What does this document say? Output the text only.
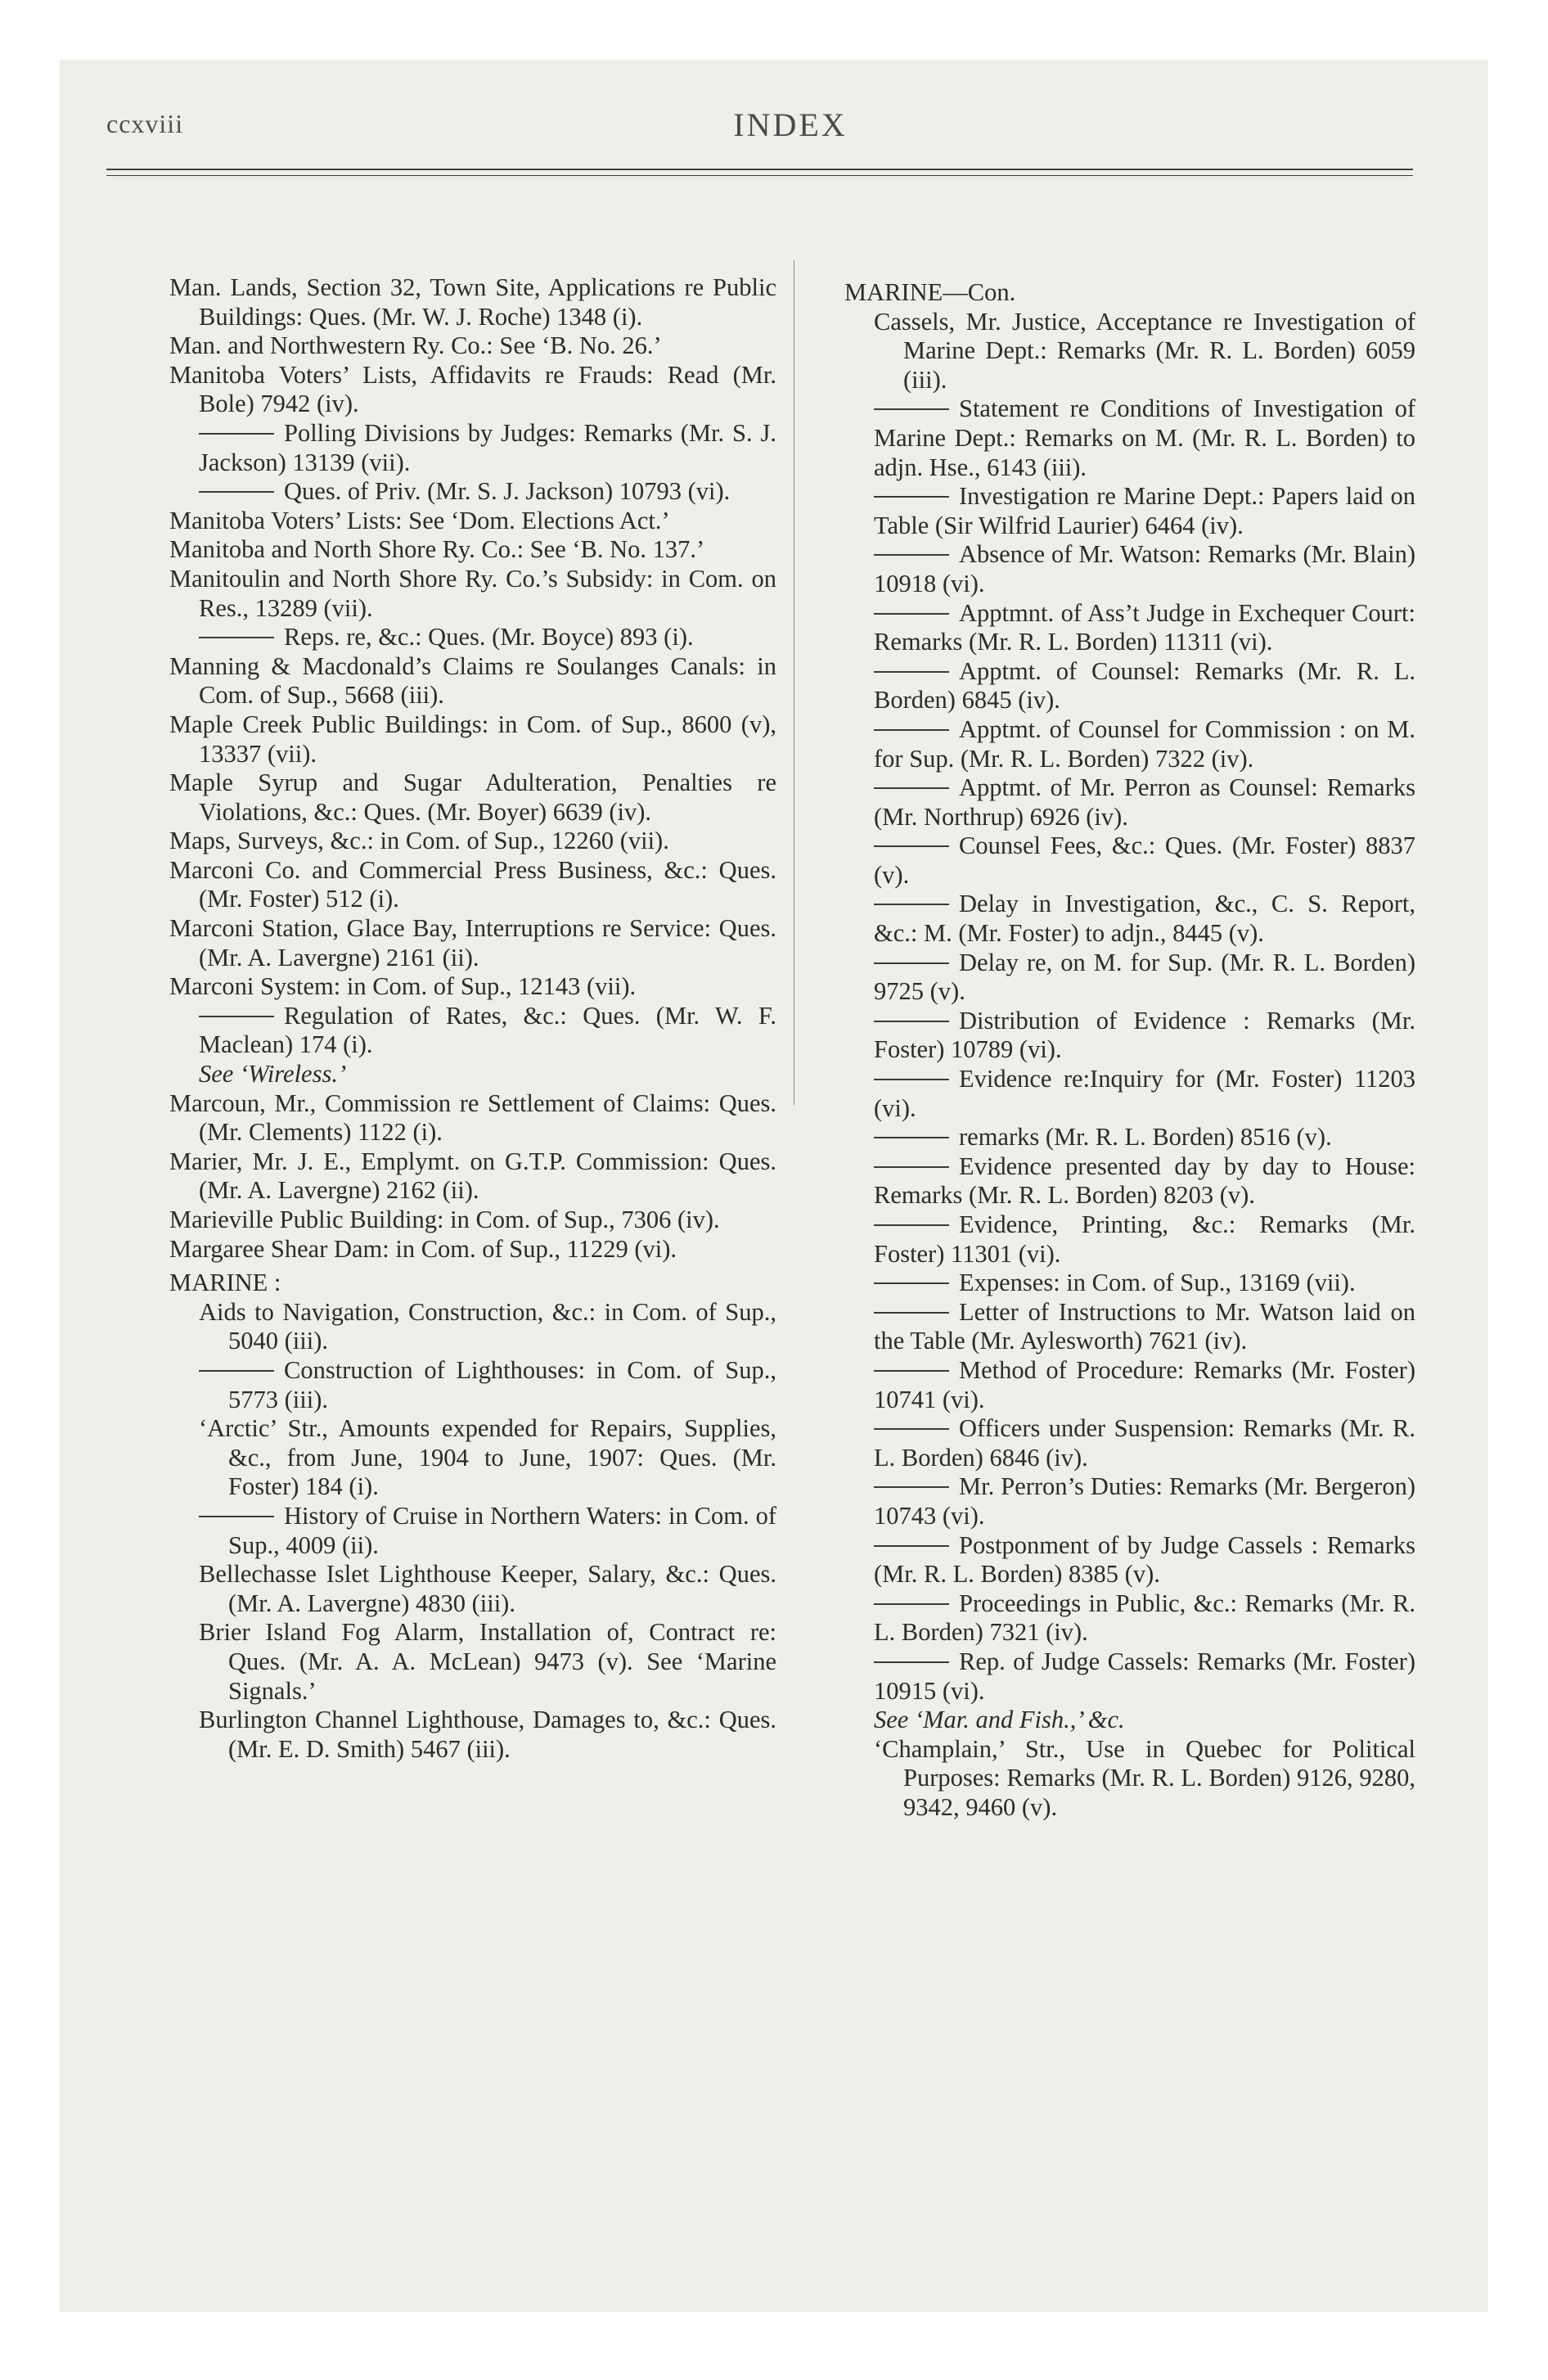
ccxviii	INDEX
Man. Lands, Section 32, Town Site, Applications re Public Buildings: Ques. (Mr. W. J. Roche) 1348 (i).
Man. and Northwestern Ry. Co.: See ‘B. No. 26.’
Manitoba Voters’ Lists, Affidavits re Frauds: Read (Mr. Bole) 7942 (iv).
Polling Divisions by Judges: Remarks (Mr. S. J. Jackson) 13139 (vii).
Ques. of Priv. (Mr. S. J. Jackson) 10793 (vi).
Manitoba Voters’ Lists: See ‘Dom. Elections Act.’
Manitoba and North Shore Ry. Co.: See ‘B. No. 137.’
Manitoulin and North Shore Ry. Co.’s Subsidy: in Com. on Res., 13289 (vii).
Reps. re, &c.: Ques. (Mr. Boyce) 893 (i).
Manning & Macdonald’s Claims re Soulanges Canals: in Com. of Sup., 5668 (iii).
Maple Creek Public Buildings: in Com. of Sup., 8600 (v), 13337 (vii).
Maple Syrup and Sugar Adulteration, Penalties re Violations, &c.: Ques. (Mr. Boyer) 6639 (iv).
Maps, Surveys, &c.: in Com. of Sup., 12260 (vii).
Marconi Co. and Commercial Press Business, &c.: Ques. (Mr. Foster) 512 (i).
Marconi Station, Glace Bay, Interruptions re Service: Ques. (Mr. A. Lavergne) 2161 (ii).
Marconi System: in Com. of Sup., 12143 (vii).
Regulation of Rates, &c.: Ques. (Mr. W. F. Maclean) 174 (i).
See ‘Wireless.’
Marcoun, Mr., Commission re Settlement of Claims: Ques. (Mr. Clements) 1122 (i).
Marier, Mr. J. E., Emplymt. on G.T.P. Commission: Ques. (Mr. A. Lavergne) 2162 (ii).
Marieville Public Building: in Com. of Sup., 7306 (iv).
Margaree Shear Dam: in Com. of Sup., 11229 (vi).
MARINE :
Aids to Navigation, Construction, &c.: in Com. of Sup., 5040 (iii).
Construction of Lighthouses: in Com. of Sup., 5773 (iii).
‘Arctic’ Str., Amounts expended for Repairs, Supplies, &c., from June, 1904 to June, 1907: Ques. (Mr. Foster) 184 (i).
History of Cruise in Northern Waters: in Com. of Sup., 4009 (ii).
Bellechasse Islet Lighthouse Keeper, Salary, &c.: Ques. (Mr. A. Lavergne) 4830 (iii).
Brier Island Fog Alarm, Installation of, Contract re: Ques. (Mr. A. A. McLean) 9473 (v). See ‘Marine Signals.’
Burlington Channel Lighthouse, Damages to, &c.: Ques. (Mr. E. D. Smith) 5467 (iii).
MARINE—Con.
Cassels, Mr. Justice, Acceptance re Investigation of Marine Dept.: Remarks (Mr. R. L. Borden) 6059 (iii).
Statement re Conditions of Investigation of Marine Dept.: Remarks on M. (Mr. R. L. Borden) to adjn. Hse., 6143 (iii).
Investigation re Marine Dept.: Papers laid on Table (Sir Wilfrid Laurier) 6464 (iv).
Absence of Mr. Watson: Remarks (Mr. Blain) 10918 (vi).
Apptmnt. of Ass’t Judge in Exchequer Court: Remarks (Mr. R. L. Borden) 11311 (vi).
Apptmt. of Counsel: Remarks (Mr. R. L. Borden) 6845 (iv).
Apptmt. of Counsel for Commission : on M. for Sup. (Mr. R. L. Borden) 7322 (iv).
Apptmt. of Mr. Perron as Counsel: Remarks (Mr. Northrup) 6926 (iv).
Counsel Fees, &c.: Ques. (Mr. Foster) 8837 (v).
Delay in Investigation, &c., C. S. Report, &c.: M. (Mr. Foster) to adjn., 8445 (v).
Delay re, on M. for Sup. (Mr. R. L. Borden) 9725 (v).
Distribution of Evidence : Remarks (Mr. Foster) 10789 (vi).
Evidence re:Inquiry for (Mr. Foster) 11203 (vi).
remarks (Mr. R. L. Borden) 8516 (v).
Evidence presented day by day to House: Remarks (Mr. R. L. Borden) 8203 (v).
Evidence, Printing, &c.: Remarks (Mr. Foster) 11301 (vi).
Expenses: in Com. of Sup., 13169 (vii).
Letter of Instructions to Mr. Watson laid on the Table (Mr. Aylesworth) 7621 (iv).
Method of Procedure: Remarks (Mr. Foster) 10741 (vi).
Officers under Suspension: Remarks (Mr. R. L. Borden) 6846 (iv).
Mr. Perron’s Duties: Remarks (Mr. Bergeron) 10743 (vi).
Postponment of by Judge Cassels : Remarks (Mr. R. L. Borden) 8385 (v).
Proceedings in Public, &c.: Remarks (Mr. R. L. Borden) 7321 (iv).
Rep. of Judge Cassels: Remarks (Mr. Foster) 10915 (vi).
See ‘Mar. and Fish.,’ &c.
‘Champlain,’ Str., Use in Quebec for Political Purposes: Remarks (Mr. R. L. Borden) 9126, 9280, 9342, 9460 (v).
